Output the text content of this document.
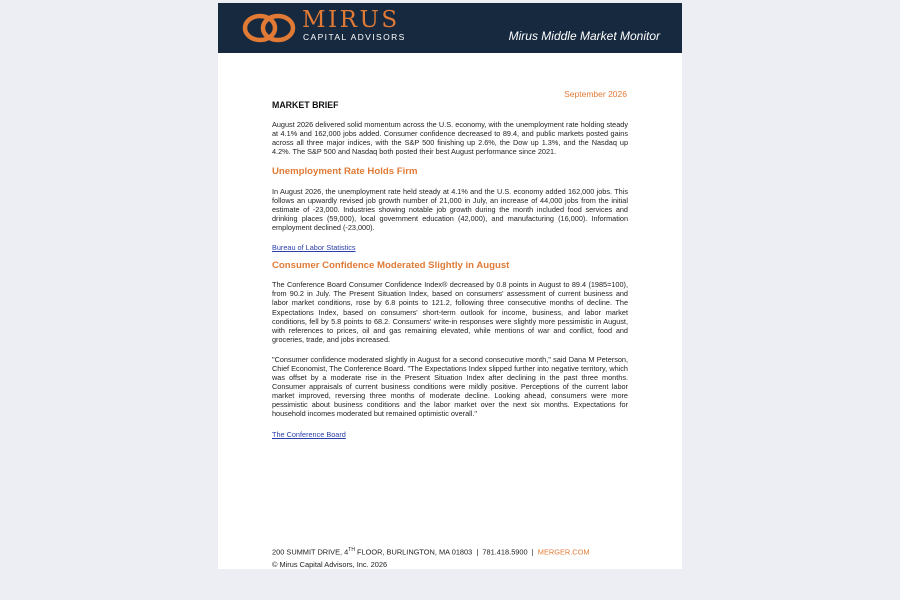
MIRUS
CAPITAL ADVISORS	Mirus Middle Market Monitor
September 2026
MARKET BRIEF

August 2026 delivered solid momentum across the U.S. economy, with the unemployment rate holding steady at 4.1% and 162,000 jobs added. Consumer confidence decreased to 89.4, and public markets posted gains across all three major indices, with the S&P 500 finishing up 2.6%, the Dow up 1.3%, and the Nasdaq up 4.2%. The S&P 500 and Nasdaq both posted their best August performance since 2021.

Unemployment Rate Holds Firm

In August 2026, the unemployment rate held steady at 4.1% and the U.S. economy added 162,000 jobs. This follows an upwardly revised job growth number of 21,000 in July, an increase of 44,000 jobs from the initial estimate of -23,000. Industries showing notable job growth during the month included food services and drinking places (59,000), local government education (42,000), and manufacturing (16,000). Information employment declined (-23,000).

Bureau of Labor Statistics
Consumer Confidence Moderated Slightly in August

The Conference Board Consumer Confidence Index® decreased by 0.8 points in August to 89.4 (1985=100), from 90.2 in July. The Present Situation Index, based on consumers' assessment of current business and labor market conditions, rose by 6.8 points to 121.2, following three consecutive months of decline. The Expectations Index, based on consumers' short-term outlook for income, business, and labor market conditions, fell by 5.8 points to 68.2. Consumers' write-in responses were slightly more pessimistic in August, with references to prices, oil and gas remaining elevated, while mentions of war and conflict, food and groceries, trade, and jobs increased.

"Consumer confidence moderated slightly in August for a second consecutive month," said Dana M Peterson, Chief Economist, The Conference Board. "The Expectations Index slipped further into negative territory, which was offset by a moderate rise in the Present Situation Index after declining in the past three months. Consumer appraisals of current business conditions were mildly positive. Perceptions of the current labor market improved, reversing three months of moderate decline. Looking ahead, consumers were more pessimistic about business conditions and the labor market over the next six months. Expectations for household incomes moderated but remained optimistic overall."

The Conference Board
200 SUMMIT DRIVE, 4TH FLOOR, BURLINGTON, MA 01803 | 781.418.5900 | MERGER.COM
© Mirus Capital Advisors, Inc. 2026
